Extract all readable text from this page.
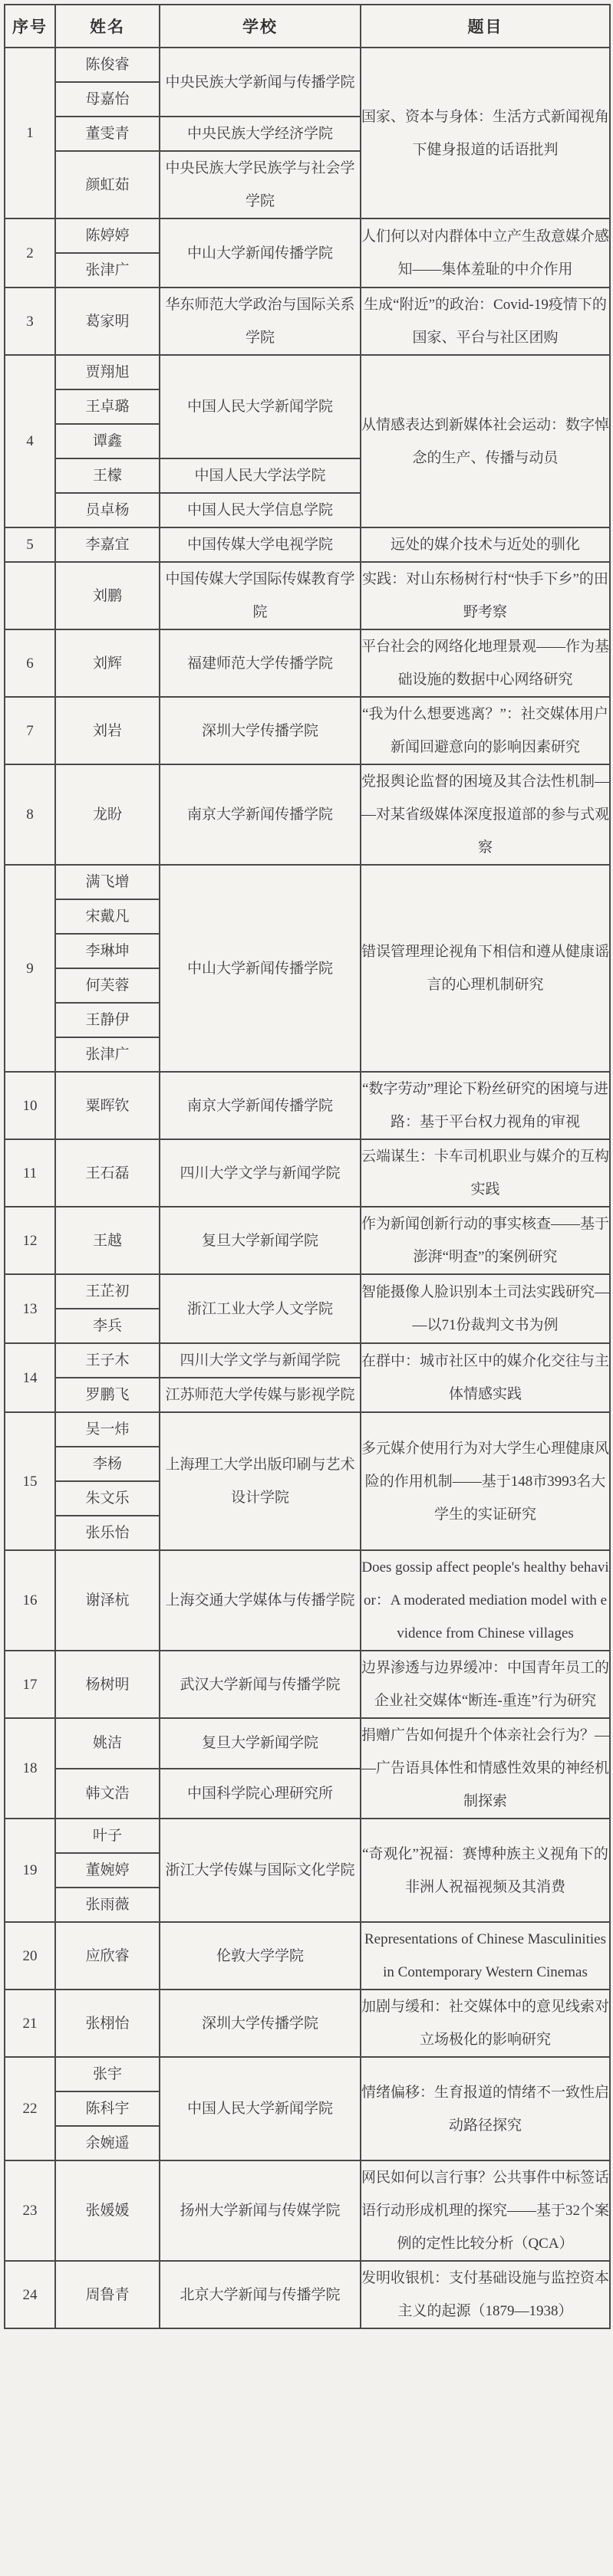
序号	姓名	学校	题目
1	陈俊睿	中央民族大学新闻与传播学院	国家、资本与身体：生活方式新闻视角下健身报道的话语批判
	母嘉怡		
	董雯青	中央民族大学经济学院	
	颜虹茹	中央民族大学民族学与社会学学院	
2	陈婷婷	中山大学新闻传播学院	人们何以对内群体中立产生敌意媒介感知——集体羞耻的中介作用
	张津广		
3	葛家明	华东师范大学政治与国际关系学院	生成“附近”的政治：Covid-19疫情下的国家、平台与社区团购
4	贾翔旭	中国人民大学新闻学院	从情感表达到新媒体社会运动：数字悼念的生产、传播与动员
	王卓璐		
	谭鑫		
	王檬	中国人民大学法学院	
	员卓杨	中国人民大学信息学院	
5	李嘉宜	中国传媒大学电视学院	远处的媒介技术与近处的驯化
	刘鹏	中国传媒大学国际传媒教育学院	实践：对山东杨树行村“快手下乡”的田野考察
6	刘辉	福建师范大学传播学院	平台社会的网络化地理景观——作为基础设施的数据中心网络研究
7	刘岩	深圳大学传播学院	“我为什么想要逃离？”：社交媒体用户新闻回避意向的影响因素研究
8	龙盼	南京大学新闻传播学院	党报舆论监督的困境及其合法性机制——对某省级媒体深度报道部的参与式观察
9	满飞增	中山大学新闻传播学院	错误管理理论视角下相信和遵从健康谣言的心理机制研究
	宋戴凡		
	李琳坤		
	何芙蓉		
	王静伊		
	张津广		
10	粟晖钦	南京大学新闻传播学院	“数字劳动”理论下粉丝研究的困境与进路：基于平台权力视角的审视
11	王石磊	四川大学文学与新闻学院	云端谋生：卡车司机职业与媒介的互构实践
12	王越	复旦大学新闻学院	作为新闻创新行动的事实核查——基于澎湃“明查”的案例研究
13	王芷初	浙江工业大学人文学院	智能摄像人脸识别本土司法实践研究——以71份裁判文书为例
	李兵		
14	王子木	四川大学文学与新闻学院	在群中：城市社区中的媒介化交往与主体情感实践
	罗鹏飞	江苏师范大学传媒与影视学院	
15	吴一炜	上海理工大学出版印刷与艺术设计学院	多元媒介使用行为对大学生心理健康风险的作用机制——基于148市3993名大学生的实证研究
	李杨		
	朱文乐		
	张乐怡		
16	谢泽杭	上海交通大学媒体与传播学院	Does gossip affect people's healthy behavior：A moderated mediation model with evidence from Chinese villages
17	杨树明	武汉大学新闻与传播学院	边界渗透与边界缓冲：中国青年员工的企业社交媒体“断连-重连”行为研究
18	姚洁	复旦大学新闻学院	捐赠广告如何提升个体亲社会行为？——广告语具体性和情感性效果的神经机制探索
	韩文浩	中国科学院心理研究所	
19	叶子	浙江大学传媒与国际文化学院	“奇观化”祝福：赛博种族主义视角下的非洲人祝福视频及其消费
	董婉婷		
	张雨薇		
20	应欣睿	伦敦大学学院	Representations of Chinese Masculinities in Contemporary Western Cinemas
21	张栩怡	深圳大学传播学院	加剧与缓和：社交媒体中的意见线索对立场极化的影响研究
22	张宇	中国人民大学新闻学院	情绪偏移：生育报道的情绪不一致性启动路径探究
	陈科宇		
	余婉遥		
23	张媛媛	扬州大学新闻与传媒学院	网民如何以言行事？公共事件中标签话语行动形成机理的探究——基于32个案例的定性比较分析（QCA）
24	周鲁青	北京大学新闻与传播学院	发明收银机：支付基础设施与监控资本主义的起源（1879—1938）
